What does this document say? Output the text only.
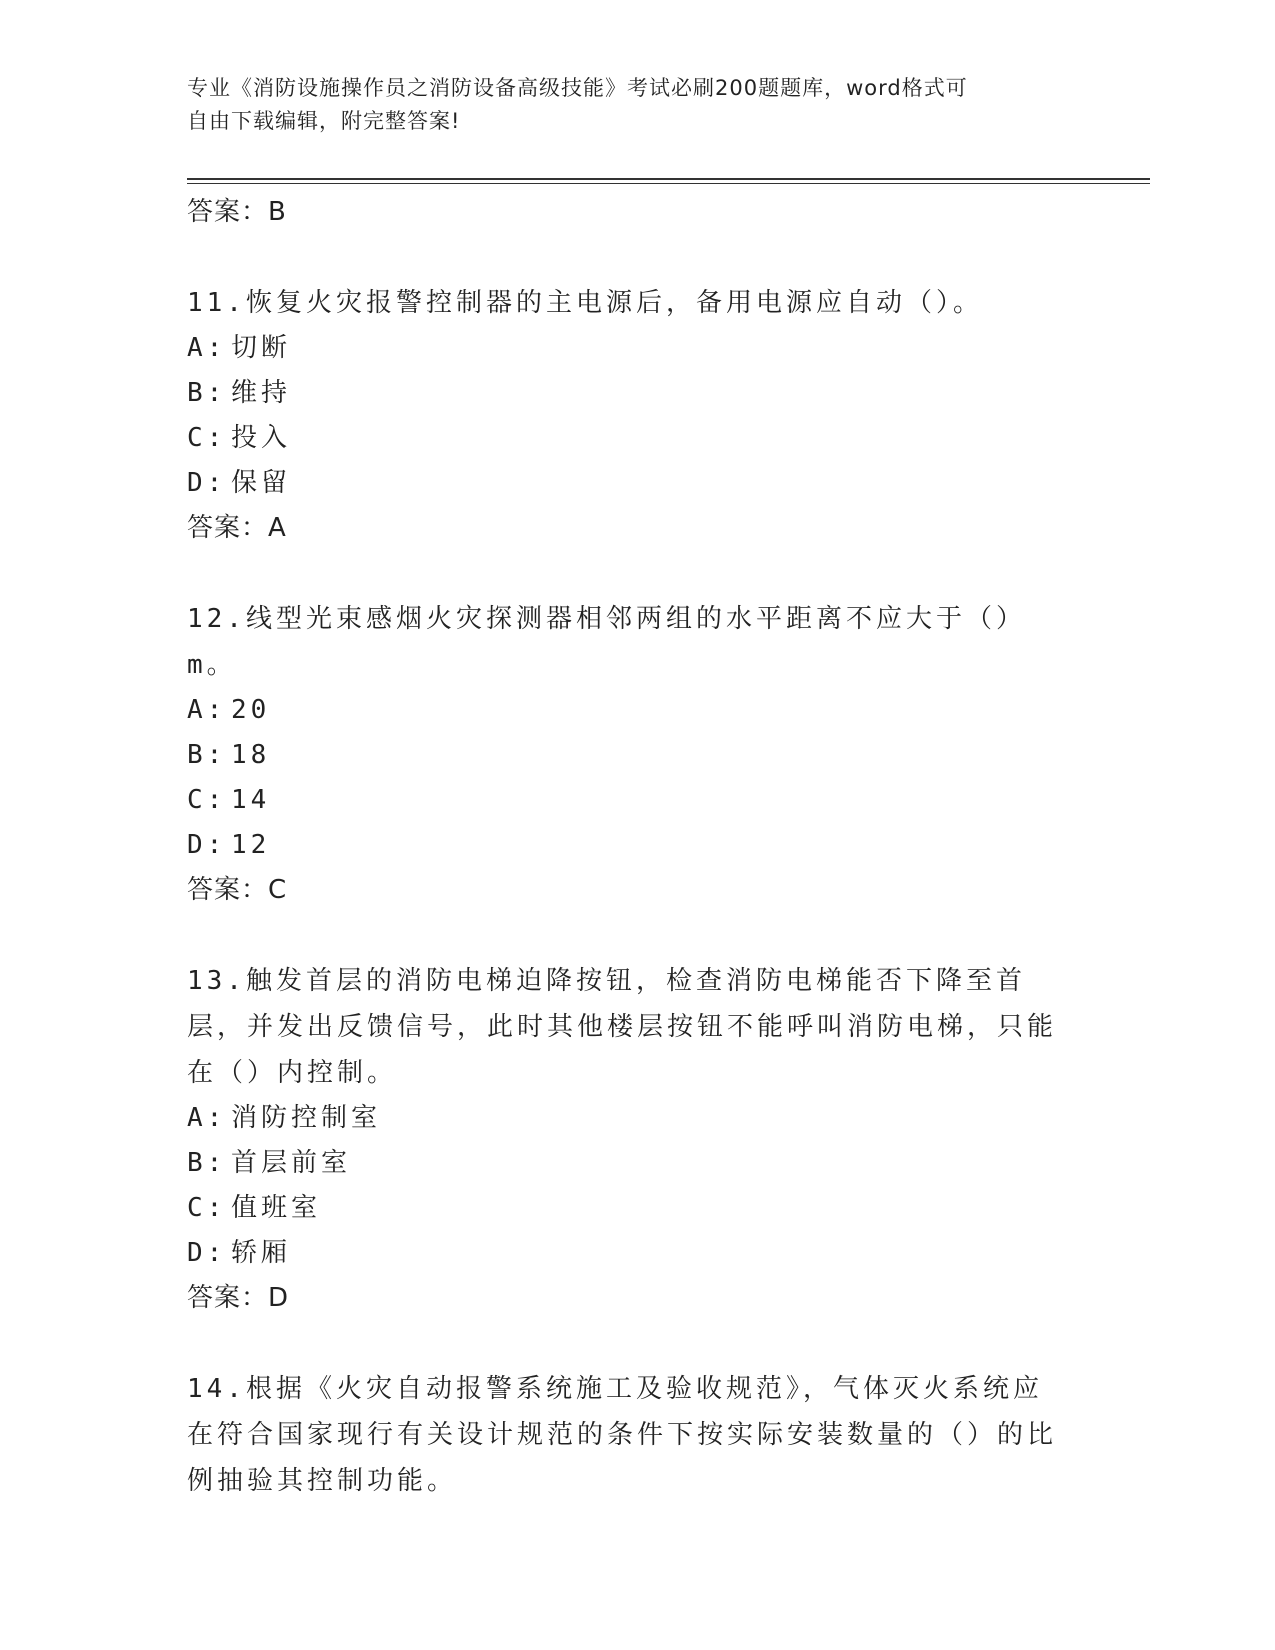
专业《消防设施操作员之消防设备高级技能》考试必刷200题题库，word格式可
自由下载编辑，附完整答案!
答案：B
11.恢复火灾报警控制器的主电源后，备用电源应自动（）。
A: 切断
B: 维持
C: 投入
D: 保留
答案：A
12.线型光束感烟火灾探测器相邻两组的水平距离不应大于（）m。
A: 20
B: 18
C: 14
D: 12
答案：C
13.触发首层的消防电梯迫降按钮，检查消防电梯能否下降至首层，并发出反馈信号，此时其他楼层按钮不能呼叫消防电梯，只能在（）内控制。
A: 消防控制室
B: 首层前室
C: 值班室
D: 轿厢
答案：D
14.根据《火灾自动报警系统施工及验收规范》，气体灭火系统应在符合国家现行有关设计规范的条件下按实际安装数量的（）的比例抽验其控制功能。
